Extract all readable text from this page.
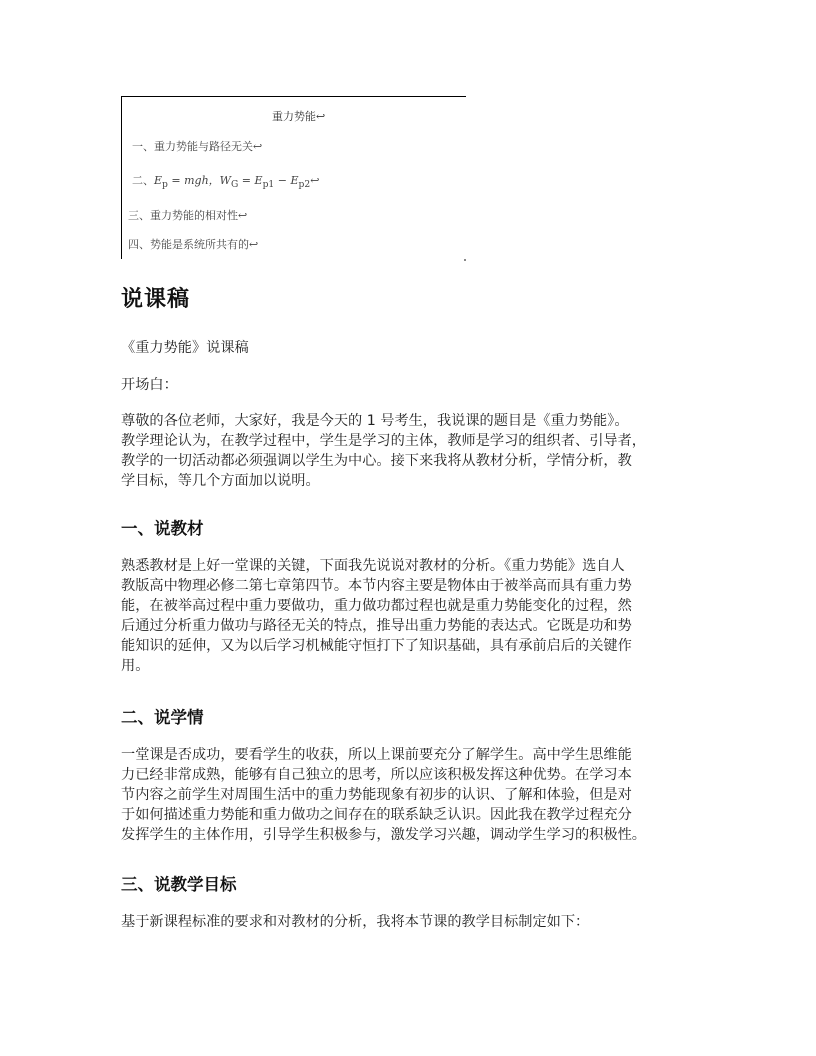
重力势能↩
一、重力势能与路径无关↩
二、$E_p$ = mgh，$W_G = E_{p1}$ − $E_{p2}↩$
三、重力势能的相对性↩
四、势能是系统所共有的↩
说课稿
《重力势能》说课稿
开场白：
尊敬的各位老师，大家好，我是今天的 1 号考生，我说课的题目是《重力势能》。
教学理论认为，在教学过程中，学生是学习的主体，教师是学习的组织者、引导者，
教学的一切活动都必须强调以学生为中心。接下来我将从教材分析，学情分析，教
学目标，等几个方面加以说明。
一、说教材
熟悉教材是上好一堂课的关键，下面我先说说对教材的分析。《重力势能》选自人
教版高中物理必修二第七章第四节。本节内容主要是物体由于被举高而具有重力势
能，在被举高过程中重力要做功，重力做功都过程也就是重力势能变化的过程，然
后通过分析重力做功与路径无关的特点，推导出重力势能的表达式。它既是功和势
能知识的延伸，又为以后学习机械能守恒打下了知识基础，具有承前启后的关键作
用。
二、说学情
一堂课是否成功，要看学生的收获，所以上课前要充分了解学生。高中学生思维能
力已经非常成熟，能够有自己独立的思考，所以应该积极发挥这种优势。在学习本
节内容之前学生对周围生活中的重力势能现象有初步的认识、了解和体验，但是对
于如何描述重力势能和重力做功之间存在的联系缺乏认识。因此我在教学过程充分
发挥学生的主体作用，引导学生积极参与，激发学习兴趣，调动学生学习的积极性。
三、说教学目标
基于新课程标准的要求和对教材的分析，我将本节课的教学目标制定如下：
